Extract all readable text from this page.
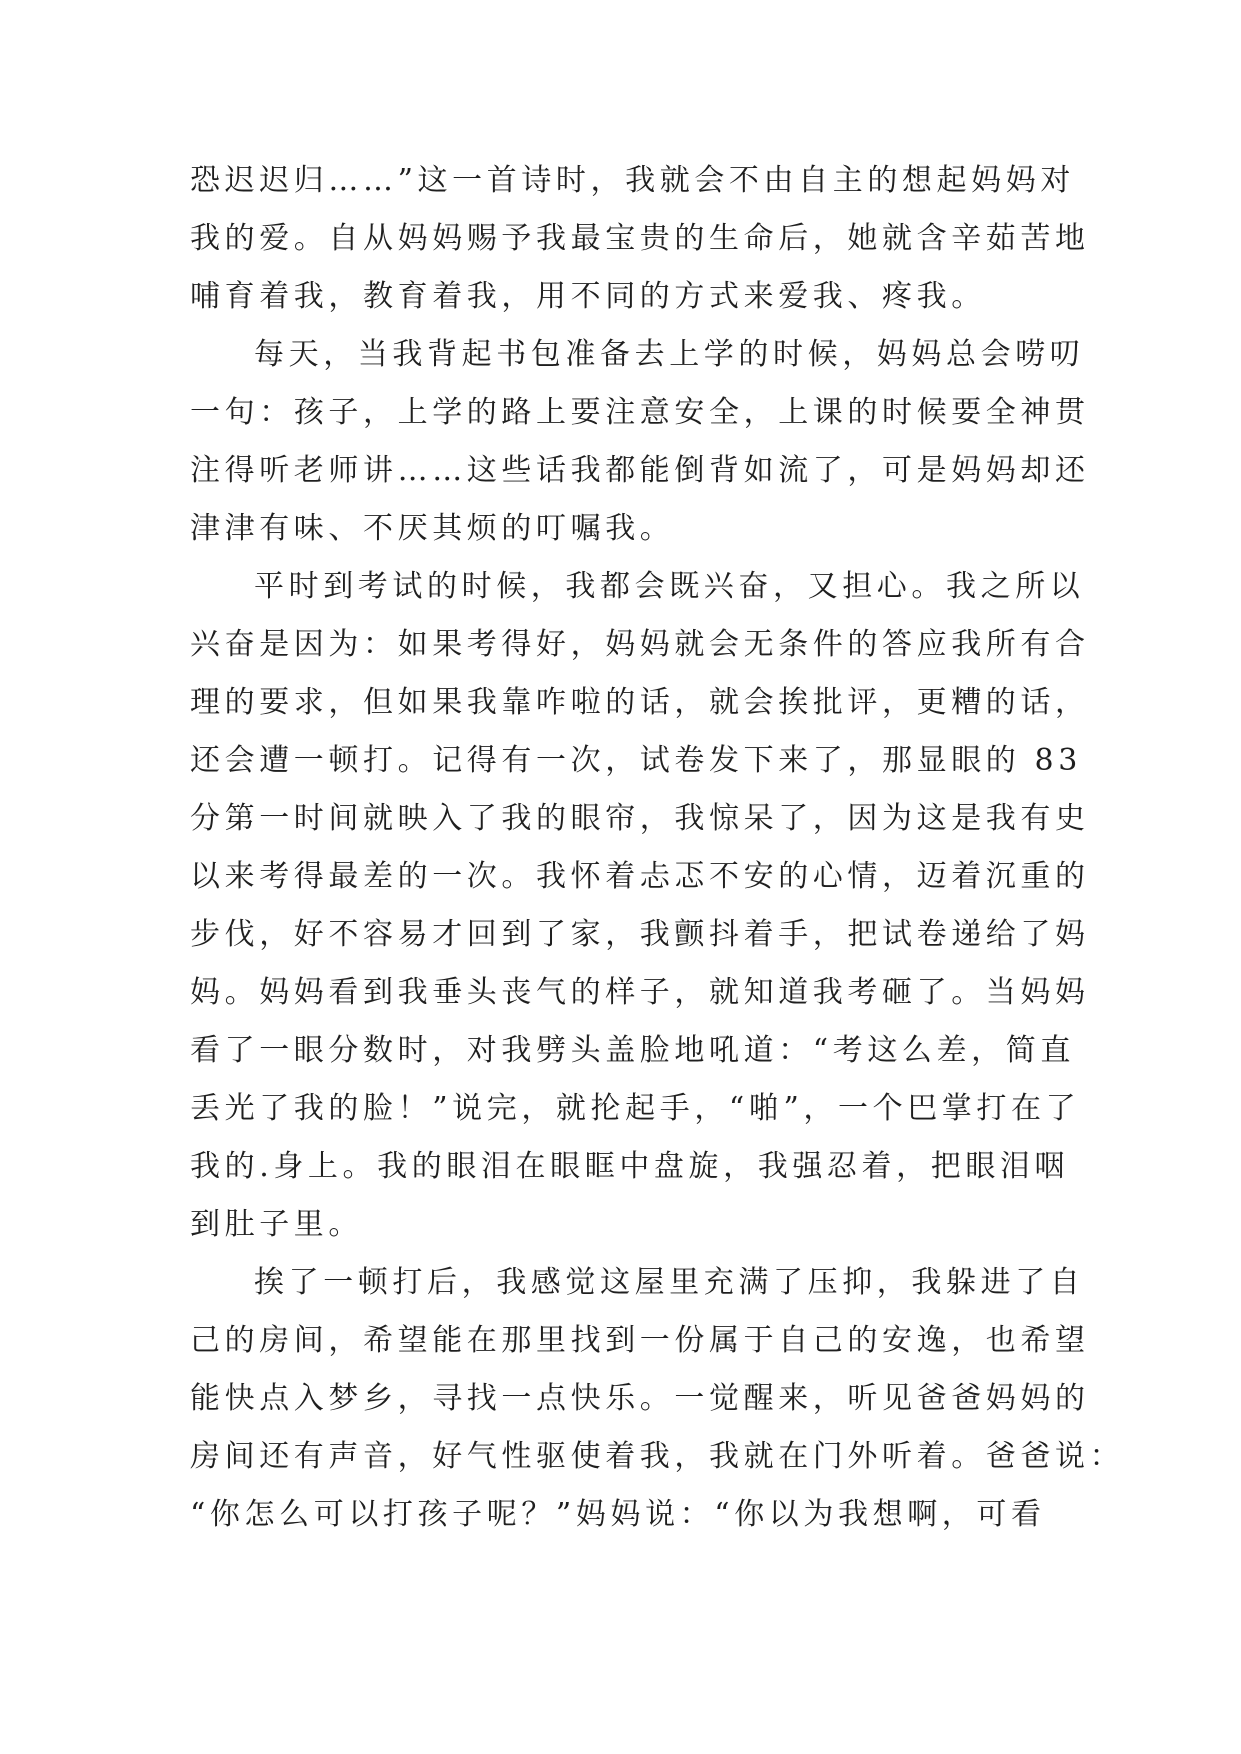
恐迟迟归……”这一首诗时，我就会不由自主的想起妈妈对
我的爱。自从妈妈赐予我最宝贵的生命后，她就含辛茹苦地
哺育着我，教育着我，用不同的方式来爱我、疼我。
每天，当我背起书包准备去上学的时候，妈妈总会唠叨
一句：孩子，上学的路上要注意安全，上课的时候要全神贯
注得听老师讲……这些话我都能倒背如流了，可是妈妈却还
津津有味、不厌其烦的叮嘱我。
平时到考试的时候，我都会既兴奋，又担心。我之所以
兴奋是因为：如果考得好，妈妈就会无条件的答应我所有合
理的要求，但如果我靠咋啦的话，就会挨批评，更糟的话，
还会遭一顿打。记得有一次，试卷发下来了，那显眼的 83
分第一时间就映入了我的眼帘，我惊呆了，因为这是我有史
以来考得最差的一次。我怀着忐忑不安的心情，迈着沉重的
步伐，好不容易才回到了家，我颤抖着手，把试卷递给了妈
妈。妈妈看到我垂头丧气的样子，就知道我考砸了。当妈妈
看了一眼分数时，对我劈头盖脸地吼道：“考这么差，简直
丢光了我的脸！”说完，就抡起手，“啪”，一个巴掌打在了
我的.身上。我的眼泪在眼眶中盘旋，我强忍着，把眼泪咽
到肚子里。
挨了一顿打后，我感觉这屋里充满了压抑，我躲进了自
己的房间，希望能在那里找到一份属于自己的安逸，也希望
能快点入梦乡，寻找一点快乐。一觉醒来，听见爸爸妈妈的
房间还有声音，好气性驱使着我，我就在门外听着。爸爸说：
“你怎么可以打孩子呢？”妈妈说：“你以为我想啊，可看
